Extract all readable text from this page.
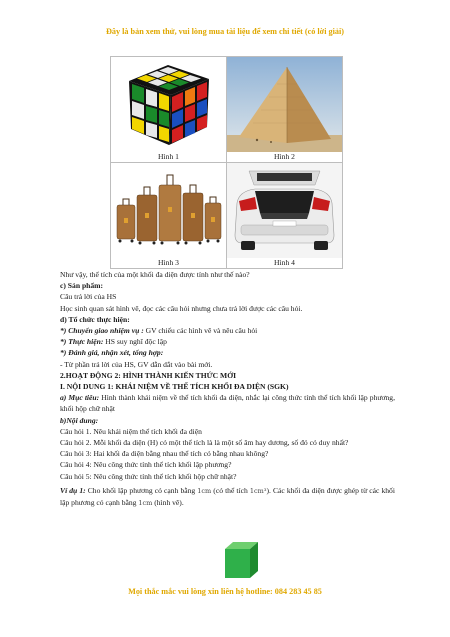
Đây là bản xem thử, vui lòng mua tài liệu để xem chi tiết (có lời giải)
Hình 1	Hình 2

Hình 3	Hình 4

Như vậy, thể tích của một khối đa diện được tính như thế nào?

c) Sản phẩm:

Câu trả lời của HS

Học sinh quan sát hình vẽ, đọc các câu hỏi nhưng chưa trả lời được các câu hỏi.

d) Tổ chức thực hiện:

*) Chuyển giao nhiệm vụ : GV chiếu các hình vẽ và nêu câu hỏi

*) Thực hiện: HS suy nghĩ độc lập

*) Đánh giá, nhận xét, tổng hợp:

- Từ phần trả lời của HS, GV dẫn dắt vào bài mới.

2.HOẠT ĐỘNG 2: HÌNH THÀNH KIẾN THỨC MỚI

I. NỘI DUNG 1: KHÁI NIỆM VỀ THỂ TÍCH KHỐI ĐA DIỆN (SGK)

a) Mục tiêu: Hình thành khái niệm về thể tích khối đa diện, nhắc lại công thức tính thể tích khối lập phương, khối hộp chữ nhật

b)Nội dung:

Câu hỏi 1. Nêu khái niệm thể tích khối đa diện

Câu hỏi 2. Mỗi khối đa diện (H) có một thể tích là là một số âm hay dương, số đó có duy nhất?

Câu hỏi 3: Hai khối đa diện bằng nhau thể tích có bằng nhau không?

Câu hỏi 4: Nêu công thức tính thể tích khối lập phương?

Câu hỏi 5: Nêu công thức tính thể tích khối hộp chữ nhật?

Ví dụ 1: Cho khối lập phương có cạnh bằng 1cm (có thể tích 1cm³). Các khối đa diện được ghép từ các khối lập phương có cạnh bằng 1cm (hình vẽ).

Mọi thắc mắc vui lòng xin liên hệ hotline: 084 283 45 85
